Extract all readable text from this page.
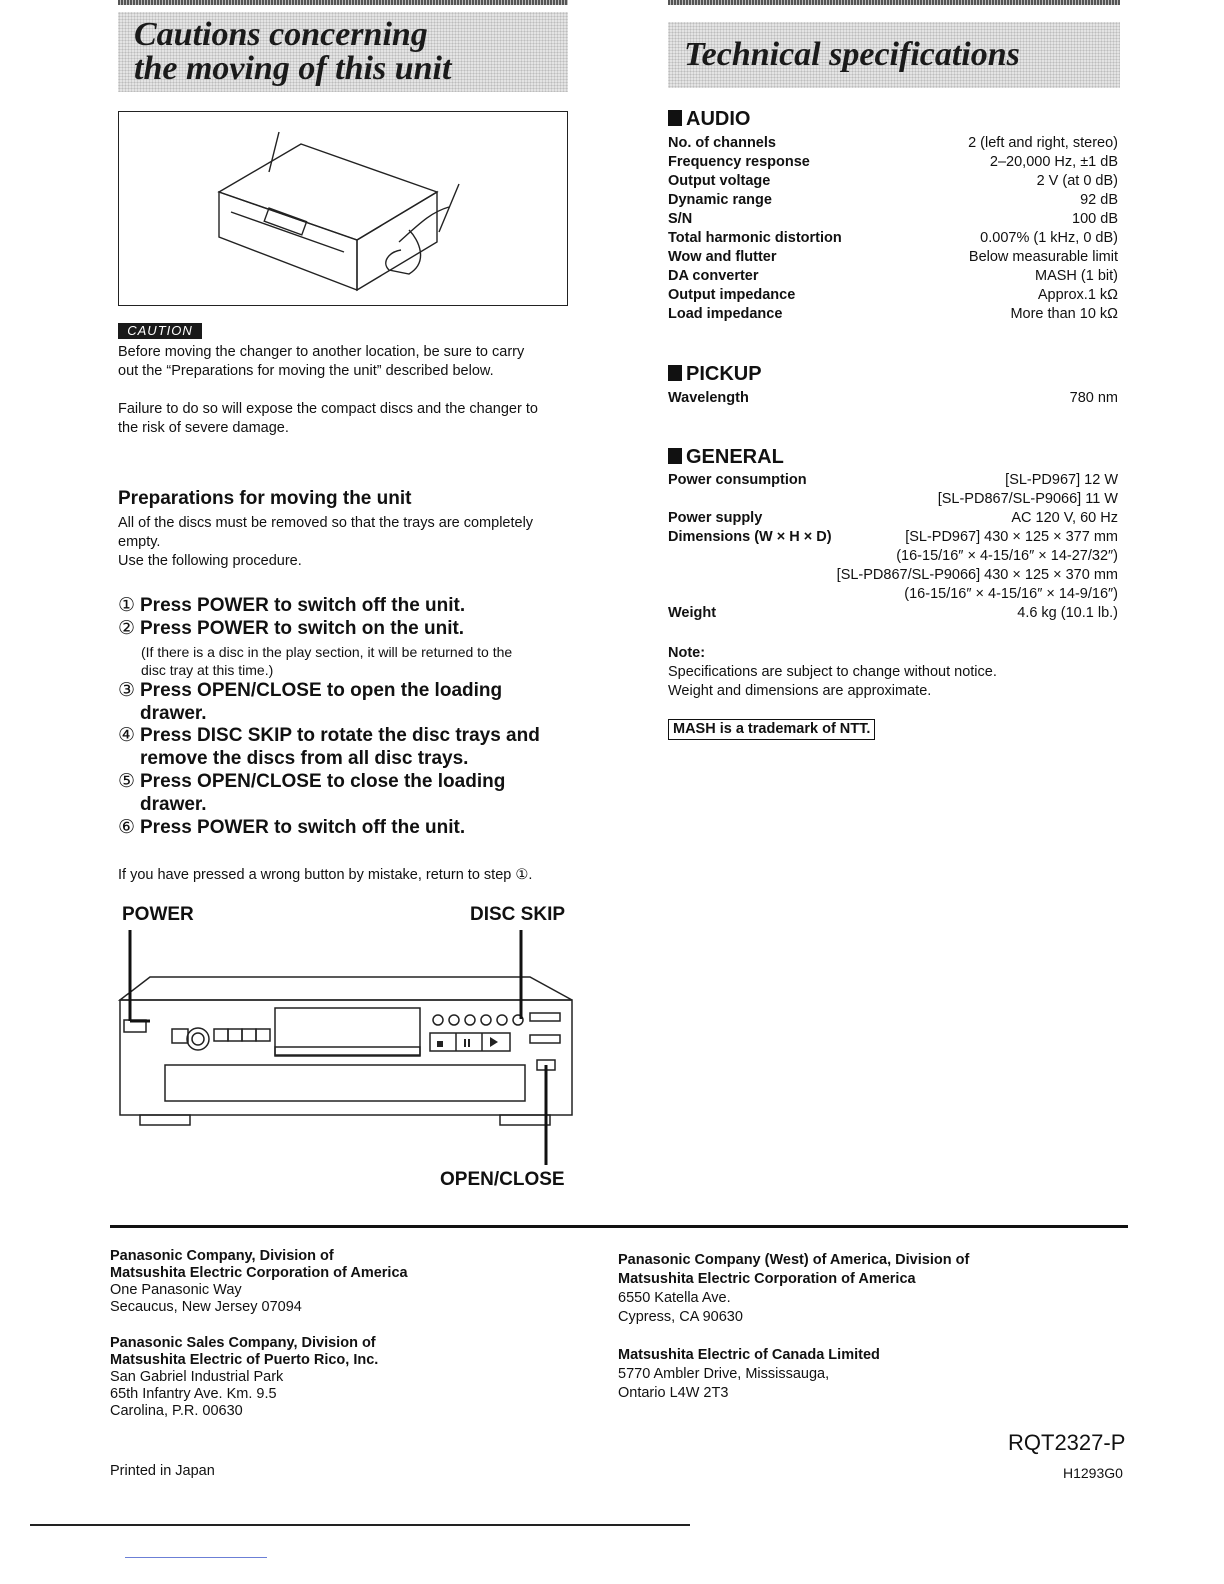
Cautions concerning
the moving of this unit	Technical specifications
CAUTION
Before moving the changer to another location, be sure to carry
out the “Preparations for moving the unit” described below.
Failure to do so will expose the compact discs and the changer to
the risk of severe damage.
Preparations for moving the unit
All of the discs must be removed so that the trays are completely
empty.
Use the following procedure.
① Press POWER to switch off the unit.
② Press POWER to switch on the unit.
(If there is a disc in the play section, it will be returned to the
disc tray at this time.)
③ Press OPEN/CLOSE to open the loading
drawer.
④ Press DISC SKIP to rotate the disc trays and
remove the discs from all disc trays.
⑤ Press OPEN/CLOSE to close the loading
drawer.
⑥ Press POWER to switch off the unit.
If you have pressed a wrong button by mistake, return to step ①.
POWER	DISC SKIP
OPEN/CLOSE
AUDIO
No. of channels	2 (left and right, stereo)
Frequency response	2–20,000 Hz, ±1 dB
Output voltage	2 V (at 0 dB)
Dynamic range	92 dB
S/N	100 dB
Total harmonic distortion	0.007% (1 kHz, 0 dB)
Wow and flutter	Below measurable limit
DA converter	MASH (1 bit)
Output impedance	Approx.1 kΩ
Load impedance	More than 10 kΩ
PICKUP
Wavelength	780 nm
GENERAL
Power consumption	[SL-PD967] 12 W
[SL-PD867/SL-P9066] 11 W
Power supply	AC 120 V, 60 Hz
Dimensions (W × H × D)	[SL-PD967] 430 × 125 × 377 mm
(16-15/16″ × 4-15/16″ × 14-27/32″)
[SL-PD867/SL-P9066] 430 × 125 × 370 mm
(16-15/16″ × 4-15/16″ × 14-9/16″)
Weight	4.6 kg (10.1 lb.)
Note:
Specifications are subject to change without notice.
Weight and dimensions are approximate.
MASH is a trademark of NTT.
Panasonic Company, Division of
Matsushita Electric Corporation of America
One Panasonic Way
Secaucus, New Jersey 07094
Panasonic Sales Company, Division of
Matsushita Electric of Puerto Rico, Inc.
San Gabriel Industrial Park
65th Infantry Ave. Km. 9.5
Carolina, P.R. 00630
Panasonic Company (West) of America, Division of
Matsushita Electric Corporation of America
6550 Katella Ave.
Cypress, CA 90630
Matsushita Electric of Canada Limited
5770 Ambler Drive, Mississauga,
Ontario L4W 2T3
RQT2327-P
H1293G0
Printed in Japan
